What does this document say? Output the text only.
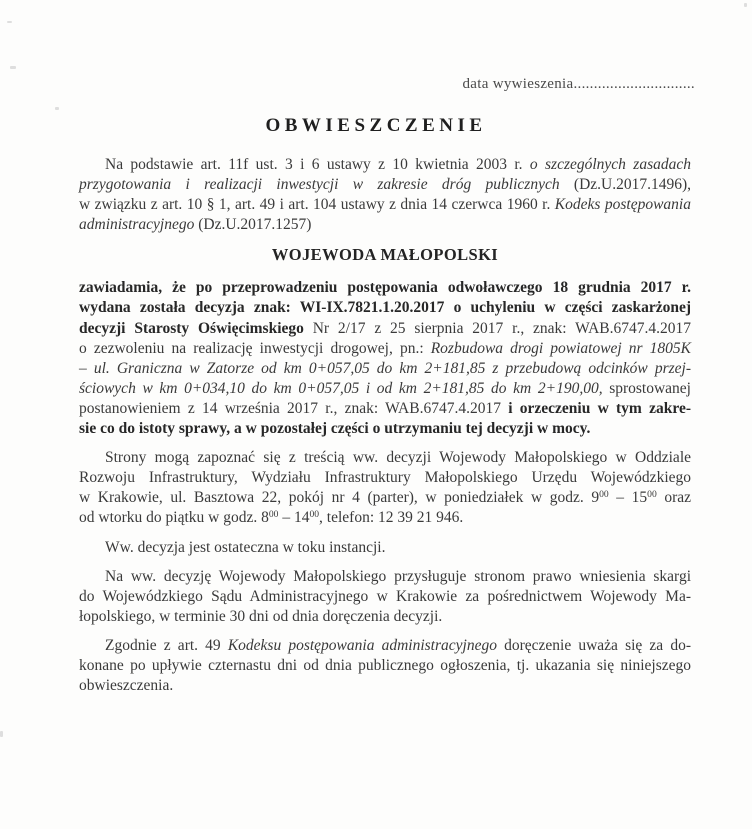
data wywieszenia..............................
OBWIESZCZENIE
Na podstawie art. 11f ust. 3 i 6 ustawy z 10 kwietnia 2003 r. o szczególnych zasadach
przygotowania i realizacji inwestycji w zakresie dróg publicznych (Dz.U.2017.1496),
w związku z art. 10 § 1, art. 49 i art. 104 ustawy z dnia 14 czerwca 1960 r. Kodeks postępowania
administracyjnego (Dz.U.2017.1257)
WOJEWODA MAŁOPOLSKI
zawiadamia, że po przeprowadzeniu postępowania odwoławczego 18 grudnia 2017 r.
wydana została decyzja znak: WI-IX.7821.1.20.2017 o uchyleniu w części zaskarżonej
decyzji Starosty Oświęcimskiego Nr 2/17 z 25 sierpnia 2017 r., znak: WAB.6747.4.2017
o zezwoleniu na realizację inwestycji drogowej, pn.: Rozbudowa drogi powiatowej nr 1805K
– ul. Graniczna w Zatorze od km 0+057,05 do km 2+181,85 z przebudową odcinków przej-
ściowych w km 0+034,10 do km 0+057,05 i od km 2+181,85 do km 2+190,00, sprostowanej
postanowieniem z 14 września 2017 r., znak: WAB.6747.4.2017 i orzeczeniu w tym zakre-
sie co do istoty sprawy, a w pozostałej części o utrzymaniu tej decyzji w mocy.
Strony mogą zapoznać się z treścią ww. decyzji Wojewody Małopolskiego w Oddziale
Rozwoju Infrastruktury, Wydziału Infrastruktury Małopolskiego Urzędu Wojewódzkiego
w Krakowie, ul. Basztowa 22, pokój nr 4 (parter), w poniedziałek w godz. $9^{00} - 15^{00}$ oraz
od wtorku do piątku w godz. $8^{00} - 14^{00}$, telefon: 12 39 21 946.
Ww. decyzja jest ostateczna w toku instancji.
Na ww. decyzję Wojewody Małopolskiego przysługuje stronom prawo wniesienia skargi
do Wojewódzkiego Sądu Administracyjnego w Krakowie za pośrednictwem Wojewody Ma-
łopolskiego, w terminie 30 dni od dnia doręczenia decyzji.
Zgodnie z art. 49 Kodeksu postępowania administracyjnego doręczenie uważa się za do-
konane po upływie czternastu dni od dnia publicznego ogłoszenia, tj. ukazania się niniejszego
obwieszczenia.
